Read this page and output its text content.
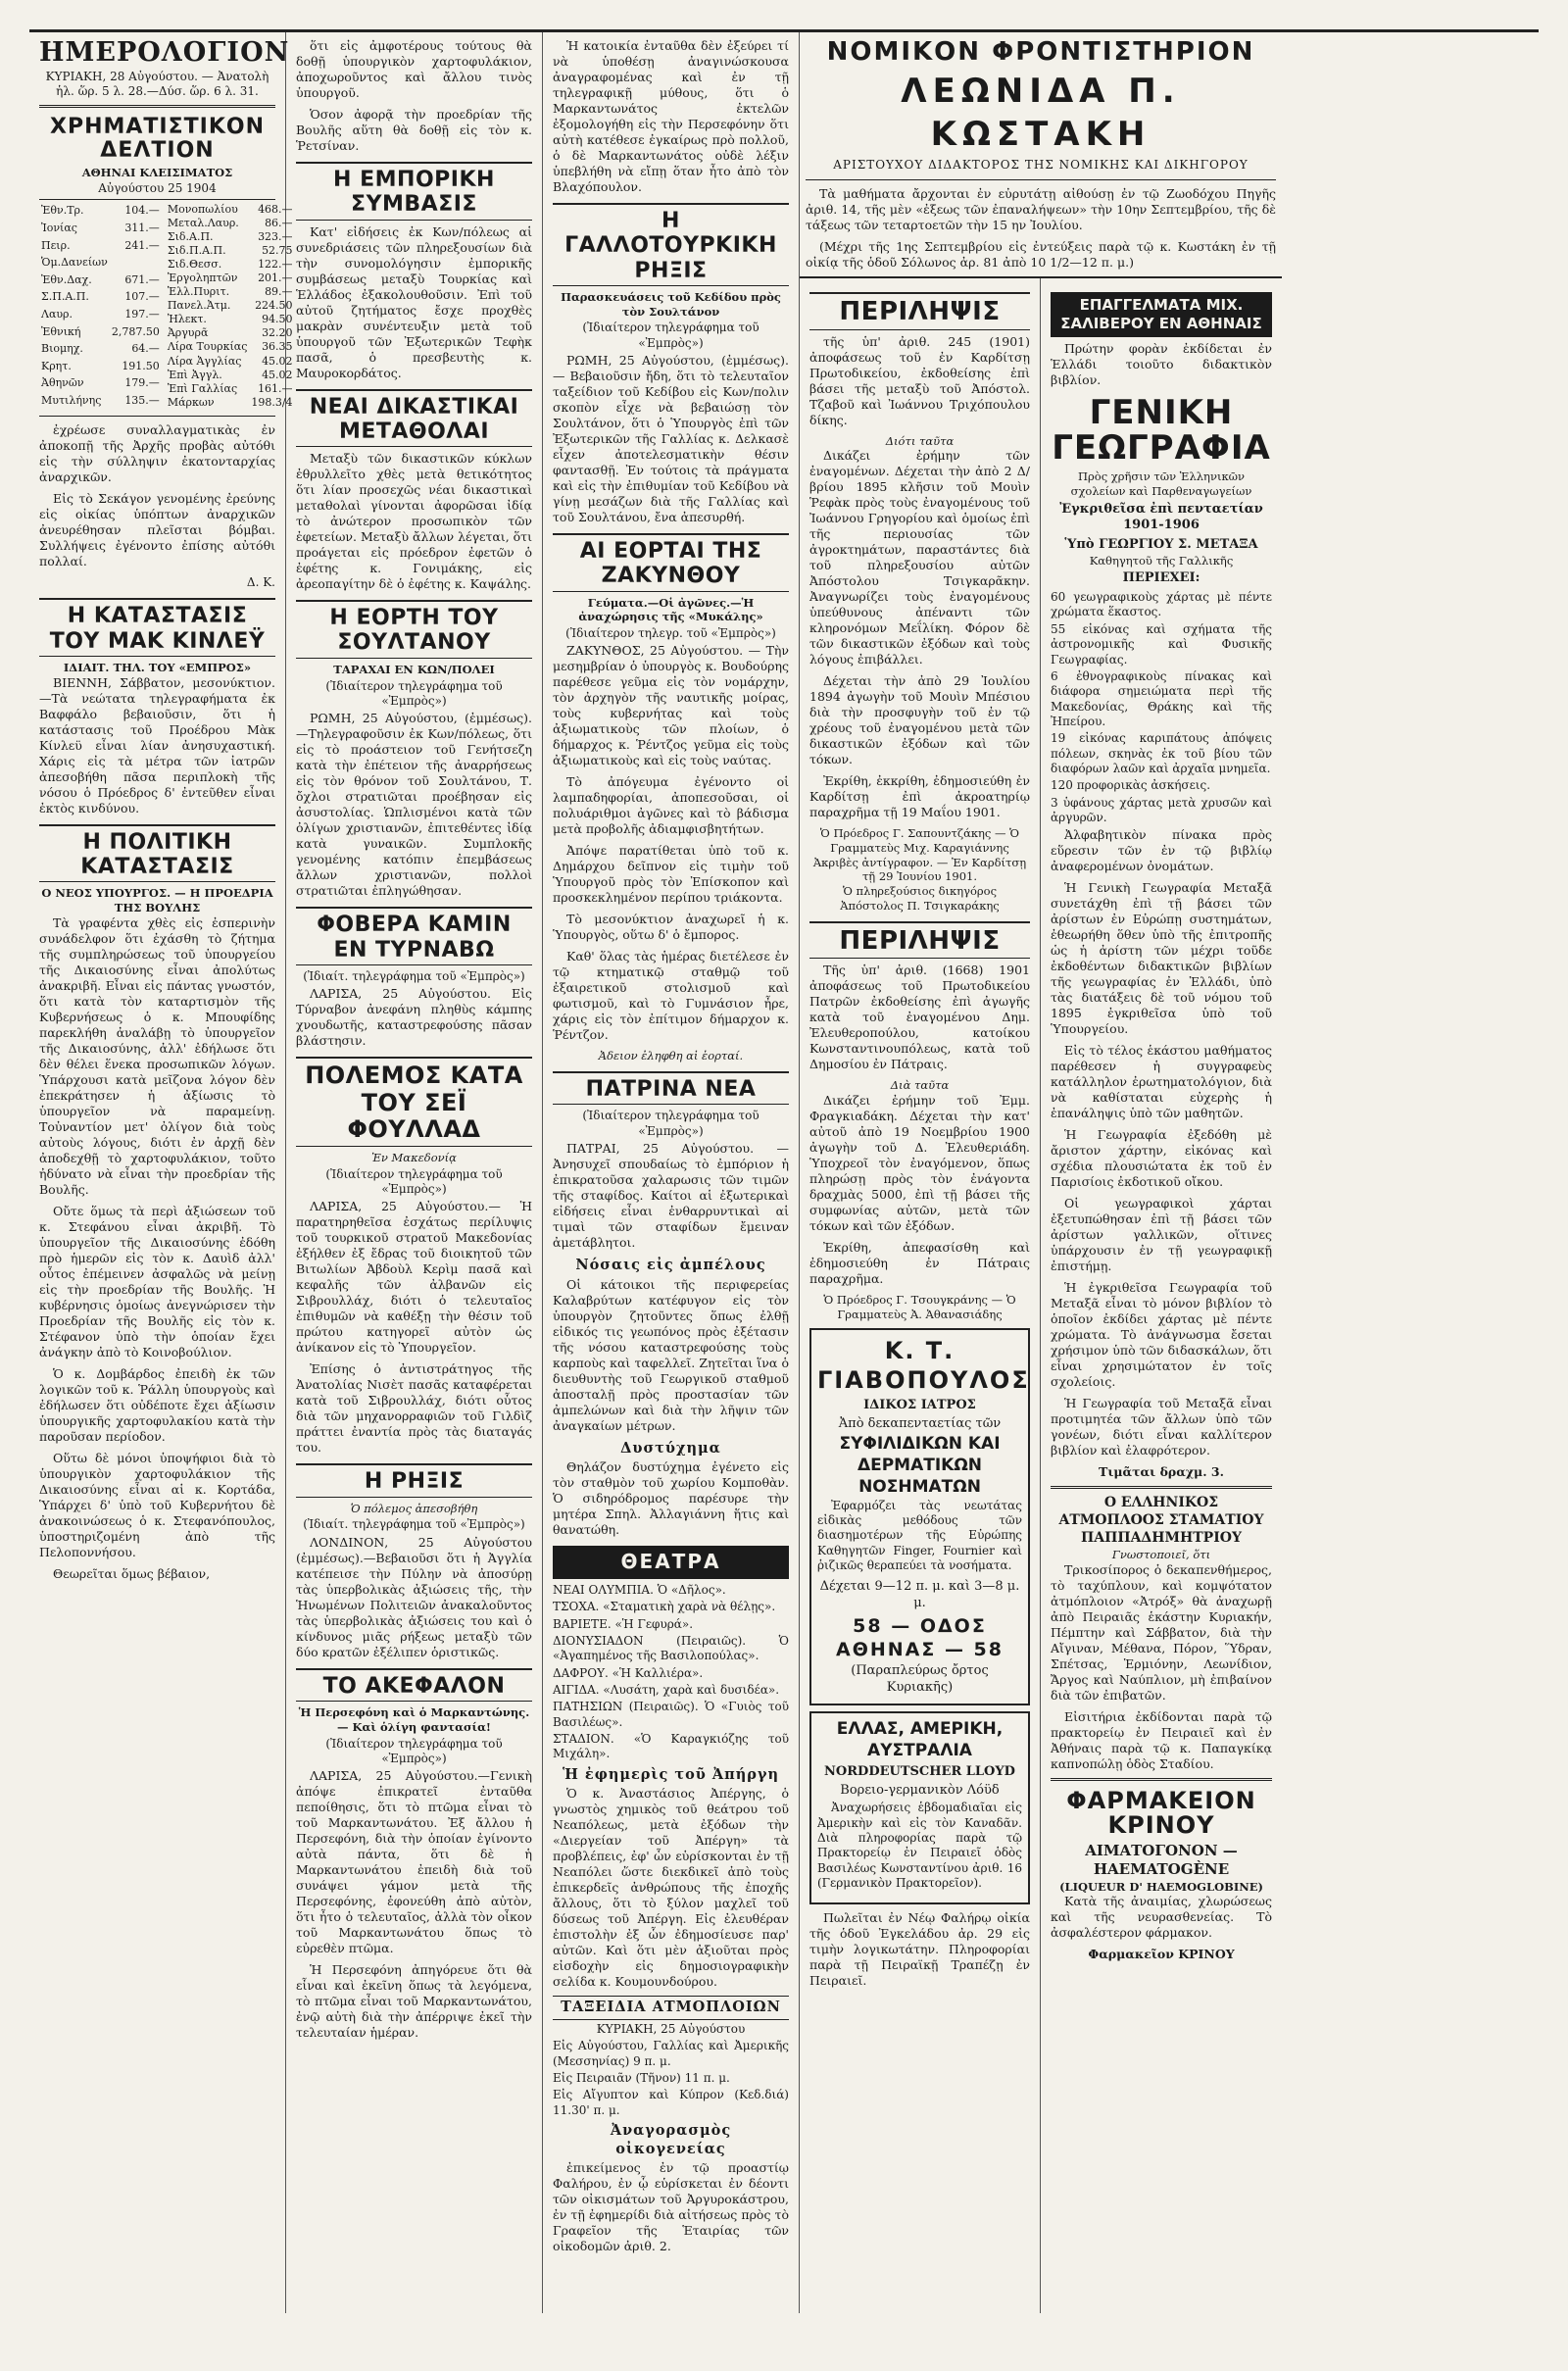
ΗΜΕΡΟΛΟΓΙΟΝ
ΚΥΡΙΑΚΗ, 28 Αὐγούστου. — Ἀνατολὴ ἡλ. ὥρ. 5 λ. 28.—Δύσ. ὥρ. 6 λ. 31.
ΧΡΗΜΑΤΙΣΤΙΚΟΝ ΔΕΛΤΙΟΝ
ΑΘΗΝΑΙ ΚΛΕΙΣΙΜΑΤΟΣ
Αὐγούστου 25 1904
Ἐθν.Τρ.	104.—
Ἰονίας	311.—
Πειρ.	241.—
Ὁμ.Δανείων	
Ἐθν.Δαχ.	671.—
Σ.Π.Α.Π.	107.—
Λαυρ.	197.—
Ἐθνική	2,787.50
Βιομηχ.	64.—
Κρητ.	191.50
Ἀθηνῶν	179.—
Μυτιλήνης	135.—
Μονοπωλίου	468.—
Μεταλ.Λαυρ.	86.—
Σιδ.Α.Π.	323.—
Σιδ.Π.Α.Π.	52.75
Σιδ.Θεσσ.	122.—
Ἐργοληπτῶν	201.—
Ἑλλ.Πυριτ.	89.—
Πανελ.Ἀτμ.	224.50
Ἠλεκτ.	94.50
Ἀργυρᾶ	32.20
Λίρα Τουρκίας	36.35
Λίρα Ἀγγλίας	45.02
Ἐπὶ Ἀγγλ.	45.02
Ἐπὶ Γαλλίας	161.—
Μάρκων	198.3/4

ἐχρέωσε συναλλαγματικὰς ἐν ἀποκοπῇ τῆς Ἀρχῆς προβὰς αὐτόθι εἰς τὴν σύλληψιν ἐκατονταρχίας ἀναρχικῶν.

Εἰς τὸ Σεκάγον γενομένης ἐρεύνης εἰς οἰκίας ὑπόπτων ἀναρχικῶν ἀνευρέθησαν πλεῖσται βόμβαι. Συλλήψεις ἐγένοντο ἐπίσης αὐτόθι πολλαί.

Δ. Κ.
Η ΚΑΤΑΣΤΑΣΙΣ ΤΟΥ ΜΑΚ ΚΙΝΛΕΫ
ΙΔΙΑΙΤ. ΤΗΛ. ΤΟΥ «ΕΜΠΡΟΣ»

ΒΙΕΝΝΗ, Σάββατον, μεσονύκτιον.—Τὰ νεώτατα τηλεγραφήματα ἐκ Βαφφάλο βεβαιοῦσιν, ὅτι ἡ κατάστασις τοῦ Προέδρου Μὰκ Κίνλεϋ εἶναι λίαν ἀνησυχαστική. Χάρις εἰς τὰ μέτρα τῶν ἰατρῶν ἀπεσοβήθη πᾶσα περιπλοκὴ τῆς νόσου ὁ Πρόεδρος δ' ἐντεῦθεν εἶναι ἐκτὸς κινδύνου.

Η ΠΟΛΙΤΙΚΗ ΚΑΤΑΣΤΑΣΙΣ
Ο ΝΕΟΣ ΥΠΟΥΡΓΟΣ. — Η ΠΡΟΕΔΡΙΑ ΤΗΣ ΒΟΥΛΗΣ

Τὰ γραφέντα χθὲς εἰς ἐσπερινὴν συνάδελφον ὅτι ἐχάσθη τὸ ζήτημα τῆς συμπληρώσεως τοῦ ὑπουργείου τῆς Δικαιοσύνης εἶναι ἀπολύτως ἀνακριβῆ. Εἶναι εἰς πάντας γνωστόν, ὅτι κατὰ τὸν καταρτισμὸν τῆς Κυβερνήσεως ὁ κ. Μπουφίδης παρεκλήθη ἀναλάβῃ τὸ ὑπουργεῖον τῆς Δικαιοσύνης, ἀλλ' ἐδήλωσε ὅτι δὲν θέλει ἕνεκα προσωπικῶν λόγων. Ὑπάρχουσι κατὰ μεῖζονα λόγον δὲν ἐπεκράτησεν ἡ ἀξίωσις τὸ ὑπουργεῖον νὰ παραμείνῃ. Τοὐναντίον μετ' ὀλίγον διὰ τοὺς αὐτοὺς λόγους, διότι ἐν ἀρχῇ δὲν ἀποδεχθῇ τὸ χαρτοφυλάκιον, τοῦτο ἠδύνατο νὰ εἶναι τὴν προεδρίαν τῆς Βουλῆς.

Οὔτε ὅμως τὰ περὶ ἀξιώσεων τοῦ κ. Στεφάνου εἶναι ἀκριβῆ. Τὸ ὑπουργεῖον τῆς Δικαιοσύνης ἐδόθη πρὸ ἡμερῶν εἰς τὸν κ. Δαυὶδ ἀλλ' οὗτος ἐπέμεινεν ἀσφαλῶς νὰ μείνῃ εἰς τὴν προεδρίαν τῆς Βουλῆς. Ἡ κυβέρνησις ὁμοίως ἀνεγνώρισεν τὴν Προεδρίαν τῆς Βουλῆς εἰς τὸν κ. Στέφανον ὑπὸ τὴν ὁποίαν ἔχει ἀνάγκην ἀπὸ τὸ Κοινοβούλιον.

Ὁ κ. Δομβάρδος ἐπειδὴ ἐκ τῶν λογικῶν τοῦ κ. Ῥάλλη ὑπουργοὺς καὶ ἐδήλωσεν ὅτι οὐδέποτε ἔχει ἀξίωσιν ὑπουργικῆς χαρτοφυλακίου κατὰ τὴν παροῦσαν περίοδον.

Οὕτω δὲ μόνοι ὑποψήφιοι διὰ τὸ ὑπουργικὸν χαρτοφυλάκιον τῆς Δικαιοσύνης εἶναι αἱ κ. Κορτάδα, Ὑπάρχει δ' ὑπὸ τοῦ Κυβερνήτου δὲ ἀνακοινώσεως ὁ κ. Στεφανόπουλος, ὑποστηριζομένη ἀπὸ τῆς Πελοποννήσου.

Θεωρεῖται ὅμως βέβαιον,

ὅτι εἰς ἀμφοτέρους τούτους θὰ δοθῇ ὑπουργικὸν χαρτοφυλάκιον, ἀποχωροῦντος καὶ ἄλλου τινὸς ὑπουργοῦ.

Ὁσον ἀφορᾷ τὴν προεδρίαν τῆς Βουλῆς αὕτη θὰ δοθῇ εἰς τὸν κ. Ῥετσίναν.

Η ΕΜΠΟΡΙΚΗ ΣΥΜΒΑΣΙΣ

Κατ' εἰδήσεις ἐκ Κων/πόλεως αἱ συνεδριάσεις τῶν πληρεξουσίων διὰ τὴν συνομολόγησιν ἐμπορικῆς συμβάσεως μεταξὺ Τουρκίας καὶ Ἑλλάδος ἐξακολουθοῦσιν. Ἐπὶ τοῦ αὐτοῦ ζητήματος ἔσχε προχθὲς μακρὰν συνέντευξιν μετὰ τοῦ ὑπουργοῦ τῶν Ἐξωτερικῶν Τεφὴκ πασᾶ, ὁ πρεσβευτὴς κ. Μαυροκορδάτος.

ΝΕΑΙ ΔΙΚΑΣΤΙΚΑΙ ΜΕΤΑΘΟΛΑΙ

Μεταξὺ τῶν δικαστικῶν κύκλων ἐθρυλλεῖτο χθὲς μετὰ θετικότητος ὅτι λίαν προσεχῶς νέαι δικαστικαὶ μεταθολαὶ γίνονται ἀφορῶσαι ἰδίᾳ τὸ ἀνώτερον προσωπικὸν τῶν ἐφετείων. Μεταξὺ ἄλλων λέγεται, ὅτι προάγεται εἰς πρόεδρον ἐφετῶν ὁ ἐφέτης κ. Γονιμάκης, εἰς ἀρεοπαγίτην δὲ ὁ ἐφέτης κ. Καψάλης.

Η ΕΟΡΤΗ ΤΟΥ ΣΟΥΛΤΑΝΟΥ
ΤΑΡΑΧΑΙ ΕΝ ΚΩΝ/ΠΟΛΕΙ
(Ἰδιαίτερον τηλεγράφημα τοῦ «Ἐμπρὸς»)

ΡΩΜΗ, 25 Αὐγούστου, (ἐμμέσως).—Τηλεγραφοῦσιν ἐκ Κων/πόλεως, ὅτι εἰς τὸ προάστειον τοῦ Γενήτσεζη κατὰ τὴν ἐπέτειον τῆς ἀναρρήσεως εἰς τὸν θρόνον τοῦ Σουλτάνου, Τ. ὄχλοι στρατιῶται προέβησαν εἰς ἀσυστολίας. Ὡπλισμένοι κατὰ τῶν ὀλίγων χριστιανῶν, ἐπιτεθέντες ἰδίᾳ κατὰ γυναικῶν. Συμπλοκῆς γενομένης κατόπιν ἐπεμβάσεως ἄλλων χριστιανῶν, πολλοὶ στρατιῶται ἐπληγώθησαν.

ΦΟΒΕΡΑ ΚΑΜΙΝ ΕΝ ΤΥΡΝΑΒΩ
(Ἰδιαίτ. τηλεγράφημα τοῦ «Ἐμπρὸς»)

ΛΑΡΙΣΑ, 25 Αὐγούστου. Εἰς Τύρναβον ἀνεφάνη πληθὺς κάμπης χνουδωτῆς, καταστρεφούσης πᾶσαν βλάστησιν.

ΠΟΛΕΜΟΣ ΚΑΤΑ ΤΟΥ ΣΕΪ ΦΟΥΛΛΑΔ
Ἐν Μακεδονίᾳ
(Ἰδιαίτερον τηλεγράφημα τοῦ «Ἐμπρὸς»)

ΛΑΡΙΣΑ, 25 Αὐγούστου.— Ἡ παρατηρηθεῖσα ἐσχάτως περίλυψις τοῦ τουρκικοῦ στρατοῦ Μακεδονίας ἐξήλθεν ἐξ ἔδρας τοῦ διοικητοῦ τῶν Βιτωλίων Ἀβδοὺλ Κερὶμ πασᾶ καὶ κεφαλῆς τῶν ἀλβανῶν εἰς Σιβρουλλάχ, διότι ὁ τελευταῖος ἐπιθυμῶν νὰ καθέξῃ τὴν θέσιν τοῦ πρώτου κατηγορεῖ αὐτὸν ὡς ἀνίκανον εἰς τὸ Ὑπουργεῖον.

Ἐπίσης ὁ ἀντιστράτηγος τῆς Ἀνατολίας Νισὲτ πασᾶς καταφέρεται κατὰ τοῦ Σιβρουλλάχ, διότι οὗτος διὰ τῶν μηχανορραφιῶν τοῦ Γιλδὶζ πράττει ἐναντία πρὸς τὰς διαταγάς του.

Η ΡΗΞΙΣ
Ὁ πόλεμος ἀπεσοβήθη
(Ἰδιαίτ. τηλεγράφημα τοῦ «Ἐμπρὸς»)

ΛΟΝΔΙΝΟΝ, 25 Αὐγούστου (ἐμμέσως).—Βεβαιοῦσι ὅτι ἡ Ἀγγλία κατέπεισε τὴν Πύλην νὰ ἀποσύρῃ τὰς ὑπερβολικὰς ἀξιώσεις τῆς, τὴν Ἡνωμένων Πολιτειῶν ἀνακαλοῦντος τὰς ὑπερβολικὰς ἀξιώσεις του καὶ ὁ κίνδυνος μιᾶς ρήξεως μεταξὺ τῶν δύο κρατῶν ἐξέλιπεν ὁριστικῶς.

ΤΟ ΑΚΕΦΑΛΟΝ
Ἡ Περσεφόνη καὶ ὁ Μαρκαντώνης. — Καὶ ὁλίγη φαντασία!
(Ἰδιαίτερον τηλεγράφημα τοῦ «Ἐμπρὸς»)

ΛΑΡΙΣΑ, 25 Αὐγούστου.—Γενικὴ ἀπόψε ἐπικρατεῖ ἐνταῦθα πεποίθησις, ὅτι τὸ πτῶμα εἶναι τὸ τοῦ Μαρκαντωνάτου. Ἐξ ἄλλου ἡ Περσεφόνη, διὰ τὴν ὁποίαν ἐγίνοντο αὐτὰ πάντα, ὅτι δὲ ἡ Μαρκαντωνάτου ἐπειδὴ διὰ τοῦ συνάψει γάμον μετὰ τῆς Περσεφόνης, ἐφονεύθη ἀπὸ αὐτὸν, ὅτι ἦτο ὁ τελευταῖος, ἀλλὰ τὸν οἶκον τοῦ Μαρκαντωνάτου ὅπως τὸ εὐρεθὲν πτῶμα.

Ἡ Περσεφόνη ἀπηγόρευε ὅτι θὰ εἶναι καὶ ἐκεῖνη ὅπως τὰ λεγόμενα, τὸ πτῶμα εἶναι τοῦ Μαρκαντωνάτου, ἐνῷ αὐτὴ διὰ τὴν ἀπέρριψε ἐκεῖ τὴν τελευταίαν ἡμέραν.

Ἡ κατοικία ἐνταῦθα δὲν ἐξεύρει τί νὰ ὑποθέσῃ ἀναγινώσκουσα ἀναγραφομένας καὶ ἐν τῇ τηλεγραφικῇ μύθους, ὅτι ὁ Μαρκαντωνάτος ἐκτελῶν ἐξομολογήθη εἰς τὴν Περσεφόνην ὅτι αὐτὴ κατέθεσε ἐγκαίρως πρὸ πολλοῦ, ὁ δὲ Μαρκαντωνάτος οὐδὲ λέξιν ὑπεβλήθη νὰ εἴπῃ ὅταν ἦτο ἀπὸ τὸν Βλαχόπουλον.

Η ΓΑΛΛΟΤΟΥΡΚΙΚΗ ΡΗΞΙΣ
Παρασκευάσεις τοῦ Κεδίδου πρὸς τὸν Σουλτάνον
(Ἰδιαίτερον τηλεγράφημα τοῦ «Ἐμπρὸς»)

ΡΩΜΗ, 25 Αὐγούστου, (ἐμμέσως). — Βεβαιοῦσιν ἤδη, ὅτι τὸ τελευταῖον ταξείδιον τοῦ Κεδίβου εἰς Κων/πολιν σκοπὸν εἶχε νὰ βεβαιώσῃ τὸν Σουλτάνον, ὅτι ὁ Ὑπουργὸς ἐπὶ τῶν Ἐξωτερικῶν τῆς Γαλλίας κ. Δελκασὲ εἶχεν ἀποτελεσματικὴν θέσιν φαντασθῇ. Ἐν τούτοις τὰ πράγματα καὶ εἰς τὴν ἐπιθυμίαν τοῦ Κεδίβου νὰ γίνῃ μεσάζων διὰ τῆς Γαλλίας καὶ τοῦ Σουλτάνου, ἔνα ἀπεσυρθή.

ΑΙ ΕΟΡΤΑΙ ΤΗΣ ΖΑΚΥΝΘΟΥ
Γεύματα.—Οἱ ἀγῶνες.—Ἡ ἀναχώρησις τῆς «Μυκάλης»
(Ἰδιαίτερον τηλεγρ. τοῦ «Ἐμπρὸς»)

ΖΑΚΥΝΘΟΣ, 25 Αὐγούστου. — Τὴν μεσημβρίαν ὁ ὑπουργὸς κ. Βουδούρης παρέθεσε γεῦμα εἰς τὸν νομάρχην, τὸν ἀρχηγὸν τῆς ναυτικῆς μοίρας, τοὺς κυβερνήτας καὶ τοὺς ἀξιωματικοὺς τῶν πλοίων, ὁ δήμαρχος κ. Ῥέντζος γεῦμα εἰς τοὺς ἀξιωματικοὺς καὶ εἰς τοὺς ναύτας.

Τὸ ἀπόγευμα ἐγένοντο οἱ λαμπαδηφορίαι, ἀποπεσοῦσαι, οἱ πολυάριθμοι ἀγῶνες καὶ τὸ βάδισμα μετὰ προβολῆς ἀδιαμφισβητήτων.

Ἀπόψε παρατίθεται ὑπὸ τοῦ κ. Δημάρχου δεῖπνον εἰς τιμὴν τοῦ Ὑπουργοῦ πρὸς τὸν Ἐπίσκοπον καὶ προσκεκλημένον περίπου τριάκοντα.

Τὸ μεσονύκτιον ἀναχωρεῖ ἡ κ. Ὑπουργὸς, οὕτω δ' ὁ ἔμπορος.

Καθ' ὅλας τὰς ἡμέρας διετέλεσε ἐν τῷ κτηματικῷ σταθμῷ τοῦ ἐξαιρετικοῦ στολισμοῦ καὶ φωτισμοῦ, καὶ τὸ Γυμνάσιον ἦρε, χάρις εἰς τὸν ἐπίτιμον δήμαρχον κ. Ῥέντζον.

Ἀδειον ἐληφθη αἱ ἑορταί.
ΠΑΤΡΙΝΑ ΝΕΑ
(Ἰδιαίτερον τηλεγράφημα τοῦ «Ἐμπρὸς»)

ΠΑΤΡΑΙ, 25 Αὐγούστου. — Ἀνησυχεῖ σπουδαίως τὸ ἐμπόριον ἡ ἐπικρατοῦσα χαλαρωσις τῶν τιμῶν τῆς σταφίδος. Καίτοι αἱ ἐξωτερικαὶ εἰδήσεις εἶναι ἐνθαρρυντικαὶ αἱ τιμαὶ τῶν σταφίδων ἔμειναν ἀμετάβλητοι.

Νόσαις εἰς ἀμπέλους

Οἱ κάτοικοι τῆς περιφερείας Καλαβρύτων κατέφυγον εἰς τὸν ὑπουργὸν ζητοῦντες ὅπως ἐλθῇ εἰδικός τις γεωπόνος πρὸς ἐξέτασιν τῆς νόσου καταστρεφούσης τοὺς καρποὺς καὶ ταφελλεῖ. Ζητεῖται ἵνα ὁ διευθυντὴς τοῦ Γεωργικοῦ σταθμοῦ ἀποσταλῇ πρὸς προστασίαν τῶν ἀμπελώνων καὶ διὰ τὴν λῆψιν τῶν ἀναγκαίων μέτρων.

Δυστύχημα

Θηλάζον δυστύχημα ἐγένετο εἰς τὸν σταθμὸν τοῦ χωρίου Κομποθὰν. Ὁ σιδηρόδρομος παρέσυρε τὴν μητέρα Σπηλ. Ἀλλαγιάννη ἥτις καὶ θανατώθη.

ΘΕΑΤΡΑ
ΝΕΑΙ ΟΛΥΜΠΙΑ. Ὁ «Δῆλος».
ΤΣΟΧΑ. «Σταματικὴ χαρὰ νὰ θέλῃς».
ΒΑΡΙΕΤΕ. «Ἡ Γεφυρά».
ΔΙΟΝΥΣΙΑΔΟΝ (Πειραιῶς). Ὁ «Ἀγαπημένος τῆς Βασιλοπούλας».
ΔΑΦΡΟΥ. «Ἡ Καλλιέρα».
ΑΙΓΙΔΑ. «Λυσάτη, χαρὰ καὶ δυσιδέα».
ΠΑΤΗΣΙΩΝ (Πειραιῶς). Ὁ «Γυιὸς τοῦ Βασιλέως».
ΣΤΑΔΙΟΝ. «Ὁ Καραγκιόζης τοῦ Μιχάλη».
Ἡ ἐφημερὶς τοῦ Ἀπήργη

Ὁ κ. Ἀναστάσιος Ἀπέργης, ὁ γνωστὸς χημικὸς τοῦ θεάτρου τοῦ Νεαπόλεως, μετὰ ἐξόδων τὴν «Διεργείαν τοῦ Ἀπέργη» τὰ προβλέπεις, ἐφ' ὧν εὑρίσκονται ἐν τῇ Νεαπόλει ὥστε διεκδικεῖ ἀπὸ τοὺς ἐπικερδεῖς ἀνθρώπους τῆς ἐποχῆς ἄλλους, ὅτι τὸ ξύλον μαχλεῖ τοῦ δύσεως τοῦ Ἀπέργη. Εἰς ἐλευθέραν ἐπιστολὴν ἐξ ὧν ἐδημοσίευσε παρ' αὐτῶν. Καὶ ὅτι μὲν ἀξιοῦται πρὸς εἰσδοχὴν εἰς δημοσιογραφικὴν σελίδα κ. Κουμουνδούρου.

ΤΑΞΕΙΔΙΑ ΑΤΜΟΠΛΟΙΩΝ
ΚΥΡΙΑΚΗ, 25 Αὐγούστου
Εἰς Αὐγούστου, Γαλλίας καὶ Ἀμερικῆς (Μεσσηνίας) 9 π. μ.
Εἰς Πειραιᾶν (Τῆνον) 11 π. μ.
Εἰς Αἴγυπτον καὶ Κύπρον (Κεδ.διά) 11.30' π. μ.
Ἀναγορασμὸς οἰκογενείας

ἐπικείμενος ἐν τῷ προαστίῳ Φαλήρου, ἐν ᾧ εὑρίσκεται ἐν δέοντι τῶν οἰκισμάτων τοῦ Ἀργυροκάστρου, ἐν τῇ ἐφημερίδι διὰ αἰτήσεως πρὸς τὸ Γραφεῖον τῆς Ἑταιρίας τῶν οἰκοδομῶν ἀριθ. 2.

ΝΟΜΙΚΟΝ ΦΡΟΝΤΙΣΤΗΡΙΟΝ
ΛΕΩΝΙΔΑ Π. ΚΩΣΤΑΚΗ
ΑΡΙΣΤΟΥΧΟΥ ΔΙΔΑΚΤΟΡΟΣ ΤΗΣ ΝΟΜΙΚΗΣ ΚΑΙ ΔΙΚΗΓΟΡΟΥ

Τὰ μαθήματα ἄρχονται ἐν εὐρυτάτῃ αἰθούσῃ ἐν τῷ Ζωοδόχου Πηγῆς ἀριθ. 14, τῆς μὲν «ἐξεως τῶν ἐπαναλήψεων» τὴν 10ην Σεπτεμβρίου, τῆς δὲ τάξεως τῶν τεταρτοετῶν τὴν 15 ην Ἰουλίου.

(Μέχρι τῆς 1ης Σεπτεμβρίου εἰς ἐντεύξεις παρὰ τῷ κ. Κωστάκη ἐν τῇ οἰκίᾳ τῆς ὁδοῦ Σόλωνος ἀρ. 81 ἀπὸ 10 1/2—12 π. μ.)

ΠΕΡΙΛΗΨΙΣ

τῆς ὑπ' ἀριθ. 245 (1901) ἀποφάσεως τοῦ ἐν Καρδίτσῃ Πρωτοδικείου, ἐκδοθείσης ἐπὶ βάσει τῆς μεταξὺ τοῦ Ἀπόστολ. Τζαβοῦ καὶ Ἰωάννου Τριχόπουλου δίκης.

Διότι ταῦτα

Δικάζει ἐρήμην τῶν ἐναγομένων. Δέχεται τὴν ἀπὸ 2 Δ/βρίου 1895 κλῆσιν τοῦ Μουὶν Ῥεφὰκ πρὸς τοὺς ἐναγομένους τοῦ Ἰωάννου Γρηγορίου καὶ ὁμοίως ἐπὶ τῆς περιουσίας τῶν ἀγροκτημάτων, παραστάντες διὰ τοῦ πληρεξουσίου αὐτῶν Ἀπόστολου Τσιγκαρᾶκην. Ἀναγνωρίζει τοὺς ἐναγομένους ὑπεύθυνους ἀπέναντι τῶν κληρονόμων Μεΐλίκη. Φόρον δὲ τῶν δικαστικῶν ἐξόδων καὶ τοὺς λόγους ἐπιβάλλει.

Δέχεται τὴν ἀπὸ 29 Ἰουλίου 1894 ἀγωγὴν τοῦ Μουὶν Μπέσιου διὰ τὴν προσφυγὴν τοῦ ἐν τῷ χρέους τοῦ ἐναγομένου μετὰ τῶν δικαστικῶν ἐξόδων καὶ τῶν τόκων.

Ἐκρίθη, ἐκκρίθη, ἐδημοσιεύθη ἐν Καρδίτσῃ ἐπὶ ἀκροατηρίῳ παραχρῆμα τῇ 19 Μαΐου 1901.

Ὁ Πρόεδρος Γ. Σαπουντζάκης — Ὁ Γραμματεὺς Μιχ. Καραγιάννης
Ἀκριβὲς ἀντίγραφον. — Ἐν Καρδίτσῃ τῇ 29 Ἰουνίου 1901.
Ὁ πληρεξούσιος δικηγόρος Ἀπόστολος Π. Τσιγκαράκης
ΠΕΡΙΛΗΨΙΣ

Τῆς ὑπ' ἀριθ. (1668) 1901 ἀποφάσεως τοῦ Πρωτοδικείου Πατρῶν ἐκδοθείσης ἐπὶ ἀγωγῆς κατὰ τοῦ ἐναγομένου Δημ. Ἐλευθεροπούλου, κατοίκου Κωνσταντινουπόλεως, κατὰ τοῦ Δημοσίου ἐν Πάτραις.

Διὰ ταῦτα

Δικάζει ἐρήμην τοῦ Ἐμμ. Φραγκιαδάκη. Δέχεται τὴν κατ' αὐτοῦ ἀπὸ 19 Νοεμβρίου 1900 ἀγωγὴν τοῦ Δ. Ἐλευθεριάδη. Ὑποχρεοῖ τὸν ἐναγόμενον, ὅπως πληρώσῃ πρὸς τὸν ἐνάγοντα δραχμὰς 5000, ἐπὶ τῇ βάσει τῆς συμφωνίας αὐτῶν, μετὰ τῶν τόκων καὶ τῶν ἐξόδων.

Ἐκρίθη, ἀπεφασίσθη καὶ ἐδημοσιεύθη ἐν Πάτραις παραχρῆμα.

Ὁ Πρόεδρος Γ. Τσουγκράνης — Ὁ Γραμματεὺς Ἀ. Ἀθανασιάδης
Κ. Τ. ΓΙΑΒΟΠΟΥΛΟΣ
ΙΔΙΚΟΣ ΙΑΤΡΟΣ
Ἀπὸ δεκαπενταετίας τῶν
ΣΥΦΙΛΙΔΙΚΩΝ ΚΑΙ ΔΕΡΜΑΤΙΚΩΝ ΝΟΣΗΜΑΤΩΝ

Ἐφαρμόζει τὰς νεωτάτας εἰδικὰς μεθόδους τῶν διασημοτέρων τῆς Εὐρώπης Καθηγητῶν Finger, Fournier καὶ ῥιζικῶς θεραπεύει τὰ νοσήματα.

Δέχεται 9—12 π. μ. καὶ 3—8 μ. μ.
58 — ΟΔΟΣ ΑΘΗΝΑΣ — 58
(Παραπλεύρως ὄρτος Κυριακῆς)
ΕΛΛΑΣ, ΑΜΕΡΙΚΗ, ΑΥΣΤΡΑΛΙΑ
NORDDEUTSCHER LLOYD
Βορειο-γερμανικὸν Λόϋδ

Ἀναχωρήσεις ἑβδομαδιαῖαι εἰς Ἀμερικὴν καὶ εἰς τὸν Καναδᾶν. Διὰ πληροφορίας παρὰ τῷ Πρακτορείῳ ἐν Πειραιεῖ ὁδὸς Βασιλέως Κωνσταντίνου ἀριθ. 16 (Γερμανικὸν Πρακτορεῖον).

Πωλεῖται ἐν Νέῳ Φαλήρῳ οἰκία τῆς ὁδοῦ Ἐγκελάδου ἀρ. 29 εἰς τιμὴν λογικωτάτην. Πληροφορίαι παρὰ τῇ Πειραϊκῇ Τραπέζῃ ἐν Πειραιεῖ.

ΕΠΑΓΓΕΛΜΑΤΑ ΜΙΧ. ΣΑΛΙΒΕΡΟΥ ΕΝ ΑΘΗΝΑΙΣ

Πρώτην φορὰν ἐκδίδεται ἐν Ἑλλάδι τοιοῦτο διδακτικὸν βιβλίον.

ΓΕΝΙΚΗ ΓΕΩΓΡΑΦΙΑ
Πρὸς χρῆσιν τῶν Ἑλληνικῶν σχολείων καὶ Παρθεναγωγείων
Ἐγκριθεῖσα ἐπὶ πενταετίαν 1901-1906
Ὑπὸ ΓΕΩΡΓΙΟΥ Σ. ΜΕΤΑΞΑ
Καθηγητοῦ τῆς Γαλλικῆς
ΠΕΡΙΕΧΕΙ:
60 γεωγραφικοὺς χάρτας μὲ πέντε χρώματα ἕκαστος.
55 εἰκόνας καὶ σχήματα τῆς ἀστρονομικῆς καὶ Φυσικῆς Γεωγραφίας.
6 ἐθνογραφικοὺς πίνακας καὶ διάφορα σημειώματα περὶ τῆς Μακεδονίας, Θράκης καὶ τῆς Ἠπείρου.
19 εἰκόνας καριπάτους ἀπόψεις πόλεων, σκηνὰς ἐκ τοῦ βίου τῶν διαφόρων λαῶν καὶ ἀρχαῖα μνημεῖα.
120 προφορικὰς ἀσκήσεις.
3 ὑφάνους χάρτας μετὰ χρυσῶν καὶ ἀργυρῶν.

Ἀλφαβητικὸν πίνακα πρὸς εὕρεσιν τῶν ἐν τῷ βιβλίῳ ἀναφερομένων ὀνομάτων.

Ἡ Γενικὴ Γεωγραφία Μεταξᾶ συνετάχθη ἐπὶ τῇ βάσει τῶν ἀρίστων ἐν Εὐρώπῃ συστημάτων, ἐθεωρήθη ὅθεν ὑπὸ τῆς ἐπιτροπῆς ὡς ἡ ἀρίστη τῶν μέχρι τοῦδε ἐκδοθέντων διδακτικῶν βιβλίων τῆς γεωγραφίας ἐν Ἑλλάδι, ὑπὸ τὰς διατάξεις δὲ τοῦ νόμου τοῦ 1895 ἐγκριθεῖσα ὑπὸ τοῦ Ὑπουργείου.

Εἰς τὸ τέλος ἑκάστου μαθήματος παρέθεσεν ἡ συγγραφεὺς κατάλληλον ἐρωτηματολόγιον, διὰ νὰ καθίσταται εὐχερὴς ἡ ἐπανάληψις ὑπὸ τῶν μαθητῶν.

Ἡ Γεωγραφία ἐξεδόθη μὲ ἄριστον χάρτην, εἰκόνας καὶ σχέδια πλουσιώτατα ἐκ τοῦ ἐν Παρισίοις ἐκδοτικοῦ οἴκου.

Οἱ γεωγραφικοὶ χάρται ἐξετυπώθησαν ἐπὶ τῇ βάσει τῶν ἀρίστων γαλλικῶν, οἵτινες ὑπάρχουσιν ἐν τῇ γεωγραφικῇ ἐπιστήμῃ.

Ἡ ἐγκριθεῖσα Γεωγραφία τοῦ Μεταξᾶ εἶναι τὸ μόνον βιβλίον τὸ ὁποῖον ἐκδίδει χάρτας μὲ πέντε χρώματα. Τὸ ἀνάγνωσμα ἔσεται χρήσιμον ὑπὸ τῶν διδασκάλων, ὅτι εἶναι χρησιμώτατον ἐν τοῖς σχολείοις.

Ἡ Γεωγραφία τοῦ Μεταξᾶ εἶναι προτιμητέα τῶν ἄλλων ὑπὸ τῶν γονέων, διότι εἶναι καλλίτερον βιβλίον καὶ ἐλαφρότερον.

Τιμᾶται δραχμ. 3.
Ο ΕΛΛΗΝΙΚΟΣ ΑΤΜΟΠΛΟΟΣ ΣΤΑΜΑΤΙΟΥ ΠΑΠΠΑΔΗΜΗΤΡΙΟΥ
Γνωστοποιεῖ, ὅτι

Τρικοσίπορος ὁ δεκαπενθήμερος, τὸ ταχύπλουν, καὶ κομψότατον ἀτμόπλοιον «Ἀτρόξ» θὰ ἀναχωρῇ ἀπὸ Πειραιᾶς ἑκάστην Κυριακήν, Πέμπτην καὶ Σάββατον, διὰ τὴν Αἴγιναν, Μέθανα, Πόρον, Ὕδραν, Σπέτσας, Ἑρμιόνην, Λεωνίδιον, Ἄργος καὶ Ναύπλιον, μὴ ἐπιβαίνον διὰ τῶν ἐπιβατῶν.

Εἰσιτήρια ἐκδίδονται παρὰ τῷ πρακτορείῳ ἐν Πειραιεῖ καὶ ἐν Ἀθήναις παρὰ τῷ κ. Παπαγκίκᾳ καπνοπώλῃ ὁδὸς Σταδίου.

ΦΑΡΜΑΚΕΙΟΝ ΚΡΙΝΟΥ
ΑΙΜΑΤΟΓΟΝΟΝ — HAEMATOGÈNE
(LIQUEUR D' HAEMOGLOBINE)

Κατὰ τῆς ἀναιμίας, χλωρώσεως καὶ τῆς νευρασθενείας. Τὸ ἀσφαλέστερον φάρμακον.

Φαρμακεῖον ΚΡΙΝΟΥ
